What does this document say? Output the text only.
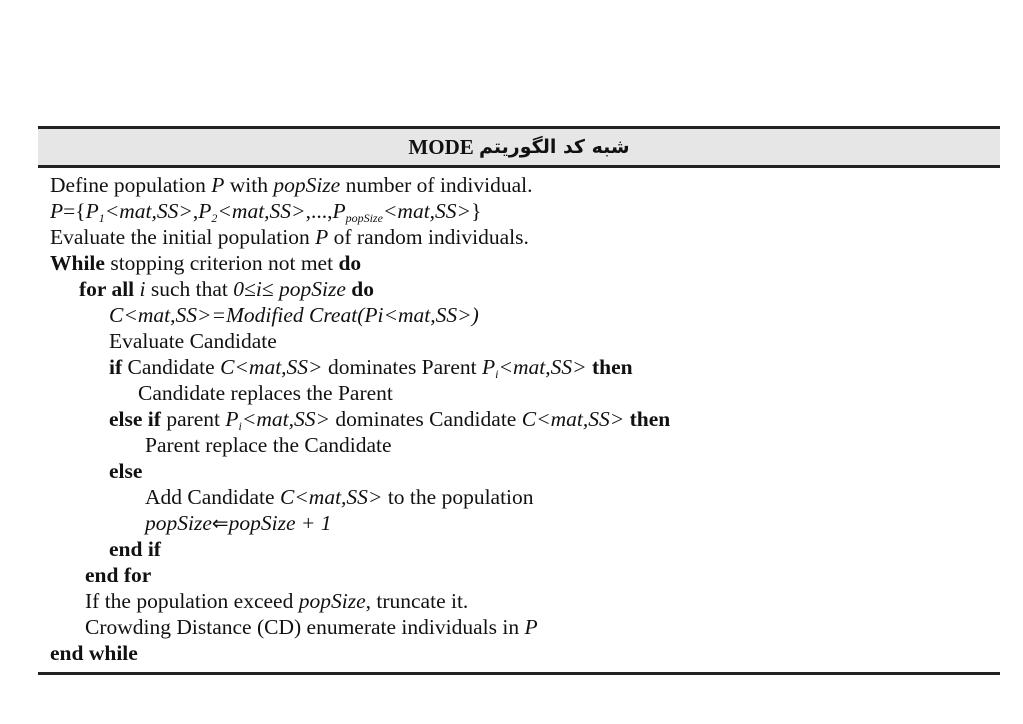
MODE
شبه کد الگوریتم
Define population P with popSize number of individual.
$P=\{P_1<mat,SS>,P_2<mat,SS>,...,P_{popSize}<mat,SS>\}$
Evaluate the initial population P of random individuals.
While stopping criterion not met do
for all i such that 0≤i≤ popSize do
C<mat,SS>=Modified Creat(Pi<mat,SS>)
Evaluate Candidate
if Candidate C<mat,SS> dominates Parent $P_i<mat,SS>$ then
Candidate replaces the Parent
else if parent $P_i<mat,SS>$ dominates Candidate C<mat,SS> then
Parent replace the Candidate
else
Add Candidate C<mat,SS> to the population
popSize⇐popSize + 1
end if
end for
If the population exceed popSize, truncate it.
Crowding Distance (CD) enumerate individuals in P
end while
